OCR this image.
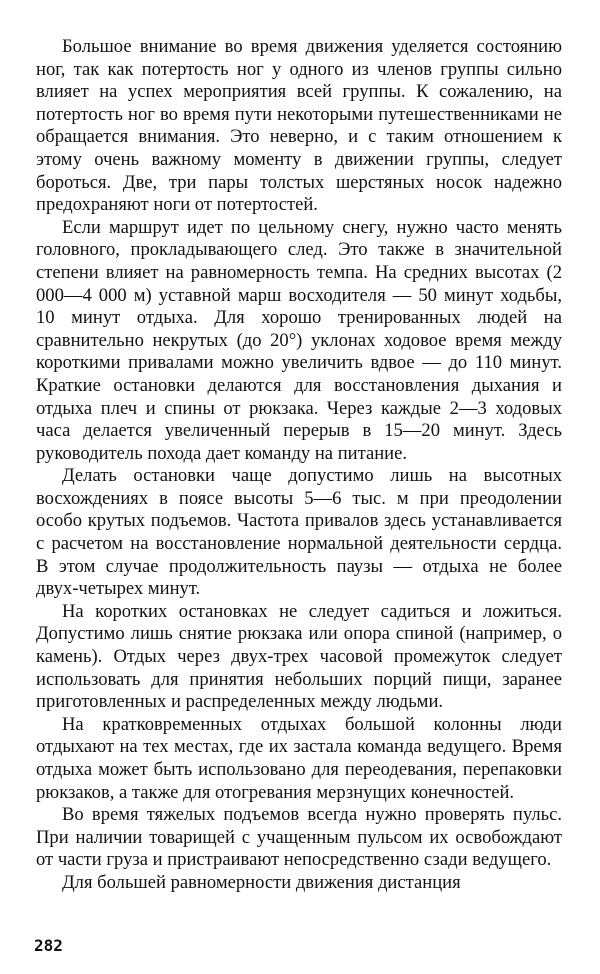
Большое внимание во время движения уделяется состоянию ног, так как потертость ног у одного из членов группы сильно влияет на успех мероприятия всей группы. К сожалению, на потертость ног во время пути некоторыми путешественниками не обращается внимания. Это неверно, и с таким отношением к этому очень важному моменту в движении группы, следует бороться. Две, три пары толстых шерстяных носок надежно предохраняют ноги от потертостей.

Если маршрут идет по цельному снегу, нужно часто менять головного, прокладывающего след. Это также в значительной степени влияет на равномерность темпа. На средних высотах (2 000—4 000 м) уставной марш восходителя — 50 минут ходьбы, 10 минут отдыха. Для хорошо тренированных людей на сравнительно некрутых (до 20°) уклонах ходовое время между короткими привалами можно увеличить вдвое — до 110 минут. Краткие остановки делаются для восстановления дыхания и отдыха плеч и спины от рюкзака. Через каждые 2—3 ходовых часа делается увеличенный перерыв в 15—20 минут. Здесь руководитель похода дает команду на питание.

Делать остановки чаще допустимо лишь на высотных восхождениях в поясе высоты 5—6 тыс. м при преодолении особо крутых подъемов. Частота привалов здесь устанавливается с расчетом на восстановление нормальной деятельности сердца. В этом случае продолжительность паузы — отдыха не более двух-четырех минут.

На коротких остановках не следует садиться и ложиться. Допустимо лишь снятие рюкзака или опора спиной (например, о камень). Отдых через двух-трех часовой промежуток следует использовать для принятия небольших порций пищи, заранее приготовленных и распределенных между людьми.

На кратковременных отдыхах большой колонны люди отдыхают на тех местах, где их застала команда ведущего. Время отдыха может быть использовано для переодевания, перепаковки рюкзаков, а также для отогревания мерзнущих конечностей.

Во время тяжелых подъемов всегда нужно проверять пульс. При наличии товарищей с учащенным пульсом их освобождают от части груза и пристраивают непосредственно сзади ведущего.

Для большей равномерности движения дистанция

282
